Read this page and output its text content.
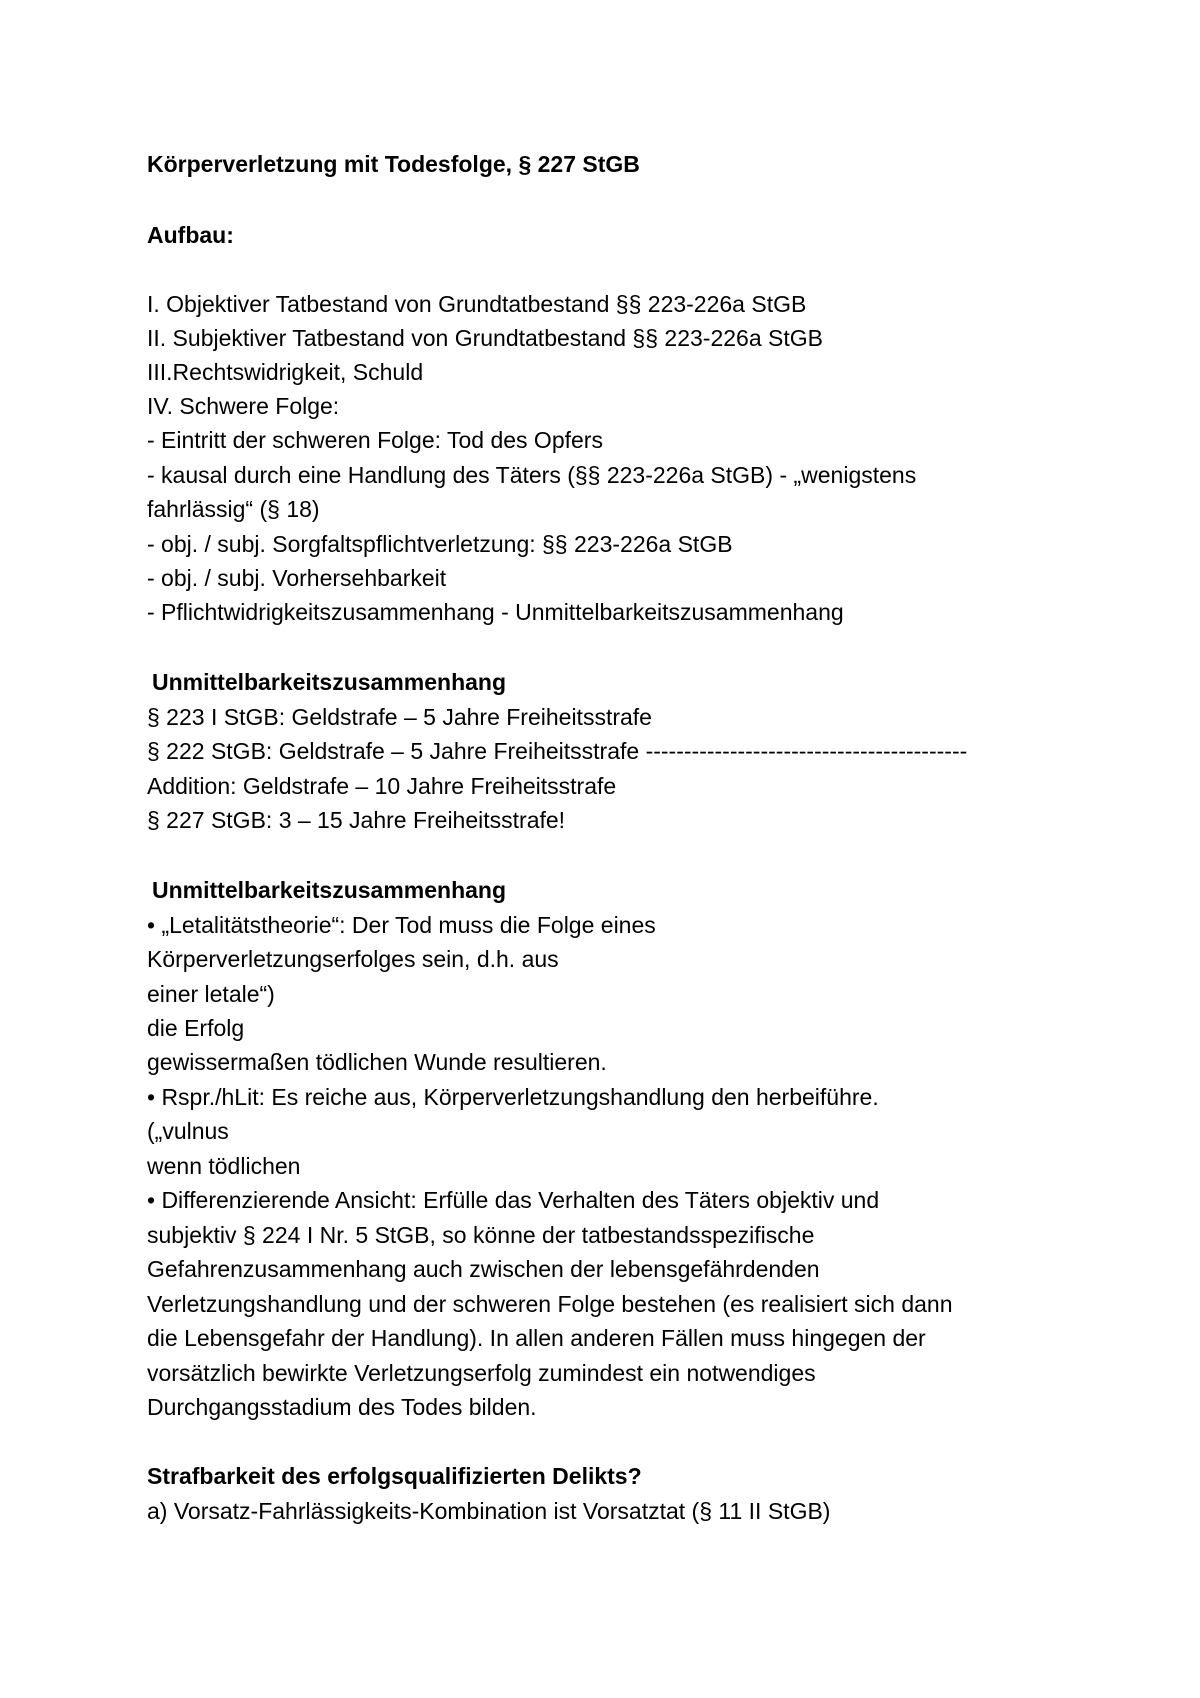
Körperverletzung mit Todesfolge, § 227 StGB
Aufbau:
I. Objektiver Tatbestand von Grundtatbestand §§ 223-226a StGB
II. Subjektiver Tatbestand von Grundtatbestand §§ 223-226a StGB
III.Rechtswidrigkeit, Schuld
IV. Schwere Folge:
- Eintritt der schweren Folge: Tod des Opfers
- kausal durch eine Handlung des Täters (§§ 223-226a StGB) - „wenigstens
fahrlässig“ (§ 18)
- obj. / subj. Sorgfaltspflichtverletzung: §§ 223-226a StGB
- obj. / subj. Vorhersehbarkeit
- Pflichtwidrigkeitszusammenhang - Unmittelbarkeitszusammenhang
Unmittelbarkeitszusammenhang
§ 223 I StGB: Geldstrafe – 5 Jahre Freiheitsstrafe
§ 222 StGB: Geldstrafe – 5 Jahre Freiheitsstrafe ------------------------------------------
Addition: Geldstrafe – 10 Jahre Freiheitsstrafe
§ 227 StGB: 3 – 15 Jahre Freiheitsstrafe!
Unmittelbarkeitszusammenhang
• „Letalitätstheorie“: Der Tod muss die Folge eines
Körperverletzungserfolges sein, d.h. aus
einer letale“)
die Erfolg
gewissermaßen tödlichen Wunde resultieren.
• Rspr./hLit: Es reiche aus, Körperverletzungshandlung den herbeiführe.
(„vulnus
wenn tödlichen
• Differenzierende Ansicht: Erfülle das Verhalten des Täters objektiv und
subjektiv § 224 I Nr. 5 StGB, so könne der tatbestandsspezifische
Gefahrenzusammenhang auch zwischen der lebensgefährdenden
Verletzungshandlung und der schweren Folge bestehen (es realisiert sich dann
die Lebensgefahr der Handlung). In allen anderen Fällen muss hingegen der
vorsätzlich bewirkte Verletzungserfolg zumindest ein notwendiges
Durchgangsstadium des Todes bilden.
Strafbarkeit des erfolgsqualifizierten Delikts?
a) Vorsatz-Fahrlässigkeits-Kombination ist Vorsatztat (§ 11 II StGB)
